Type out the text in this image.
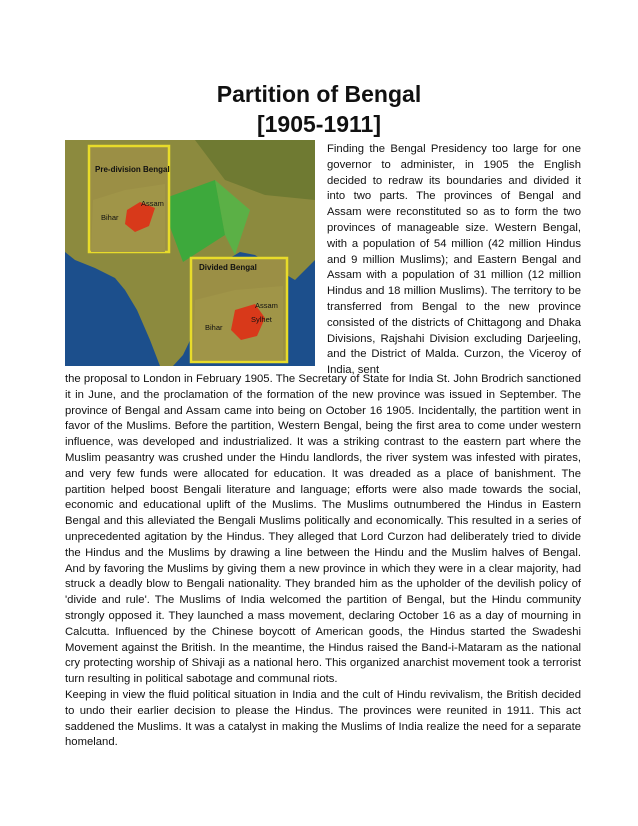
Partition of Bengal
[1905-1911]
Pre-division Bengal
Assam
Bihar
Divided Bengal
Assam
Sylhet
Bihar

Finding the Bengal Presidency too large for one governor to administer, in 1905 the English decided to redraw its boundaries and divided it into two parts. The provinces of Bengal and Assam were reconstituted so as to form the two provinces of manageable size. Western Bengal, with a population of 54 million (42 million Hindus and 9 million Muslims); and Eastern Bengal and Assam with a population of 31 million (12 million Hindus and 18 million Muslims). The territory to be transferred from Bengal to the new province consisted of the districts of Chittagong and Dhaka Divisions, Rajshahi Division excluding Darjeeling, and the District of Malda. Curzon, the Viceroy of India, sent

the proposal to London in February 1905. The Secretary of State for India St. John Brodrich sanctioned it in June, and the proclamation of the formation of the new province was issued in September. The province of Bengal and Assam came into being on October 16 1905. Incidentally, the partition went in favor of the Muslims. Before the partition, Western Bengal, being the first area to come under western influence, was developed and industrialized. It was a striking contrast to the eastern part where the Muslim peasantry was crushed under the Hindu landlords, the river system was infested with pirates, and very few funds were allocated for education. It was dreaded as a place of banishment. The partition helped boost Bengali literature and language; efforts were also made towards the social, economic and educational uplift of the Muslims. The Muslims outnumbered the Hindus in Eastern Bengal and this alleviated the Bengali Muslims politically and economically. This resulted in a series of unprecedented agitation by the Hindus. They alleged that Lord Curzon had deliberately tried to divide the Hindus and the Muslims by drawing a line between the Hindu and the Muslim halves of Bengal. And by favoring the Muslims by giving them a new province in which they were in a clear majority, had struck a deadly blow to Bengali nationality. They branded him as the upholder of the devilish policy of 'divide and rule'. The Muslims of India welcomed the partition of Bengal, but the Hindu community strongly opposed it. They launched a mass movement, declaring October 16 as a day of mourning in Calcutta. Influenced by the Chinese boycott of American goods, the Hindus started the Swadeshi Movement against the British. In the meantime, the Hindus raised the Band-i-Mataram as the national cry protecting worship of Shivaji as a national hero. This organized anarchist movement took a terrorist turn resulting in political sabotage and communal riots.

Keeping in view the fluid political situation in India and the cult of Hindu revivalism, the British decided to undo their earlier decision to please the Hindus. The provinces were reunited in 1911. This act saddened the Muslims. It was a catalyst in making the Muslims of India realize the need for a separate homeland.
